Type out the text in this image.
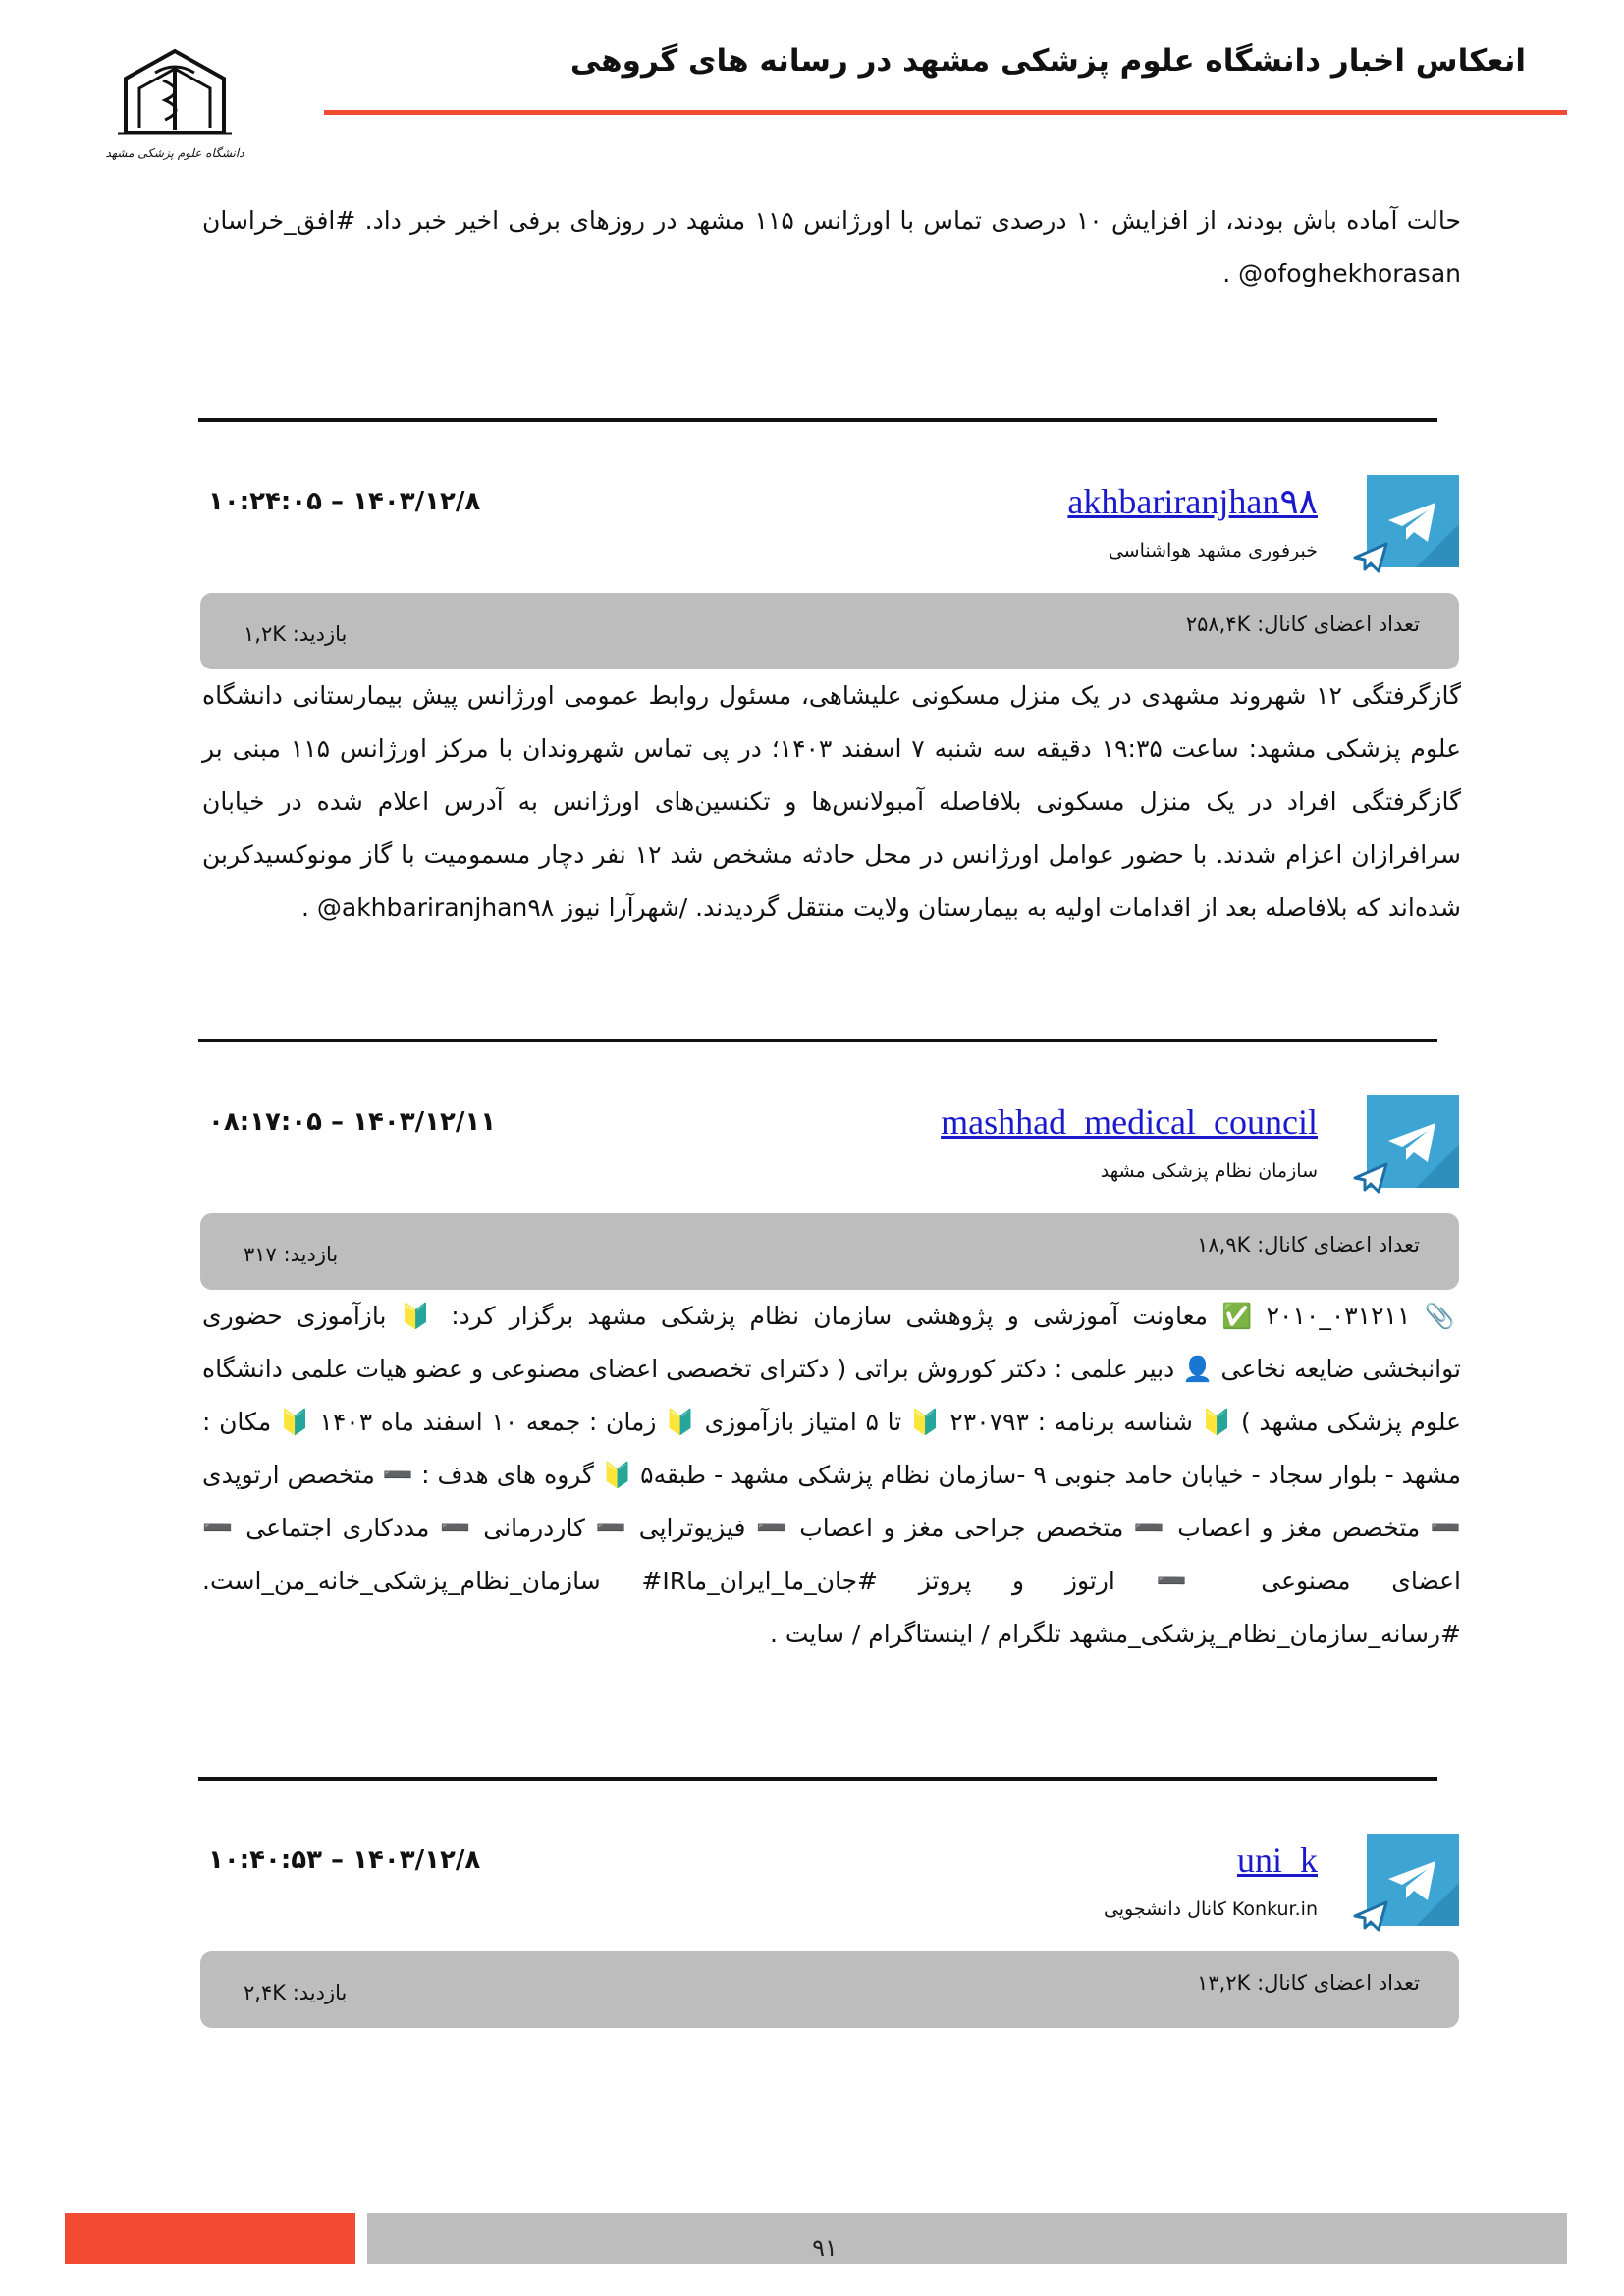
دانشگاه علوم پزشکی مشهد
انعکاس اخبار دانشگاه علوم پزشکی مشهد در رسانه های گروهی
حالت آماده باش بودند، از افزایش ۱۰ درصدی تماس با اورژانس ۱۱۵ مشهد در روزهای برفی اخیر خبر داد. #افق_خراسان ‎@ofoghekhorasan‎ .
akhbariranjhan۹۸
خبرفوری مشهد هواشناسی
۱۰:۲۴:۰۵ – ۱۴۰۳/۱۲/۸
تعداد اعضای کانال: ۲۵۸,۴K
بازدید: ۱,۲K
گازگرفتگی ۱۲ شهروند مشهدی در یک منزل مسکونی علیشاهی، مسئول روابط عمومی اورژانس پیش بیمارستانی دانشگاه علوم پزشکی مشهد: ساعت ۱۹:۳۵ دقیقه سه شنبه ۷ اسفند ۱۴۰۳؛ در پی تماس شهروندان با مرکز اورژانس ۱۱۵ مبنی بر گازگرفتگی افراد در یک منزل مسکونی بلافاصله آمبولانس‌ها و تکنسین‌های اورژانس به آدرس اعلام شده در خیابان سرافرازان اعزام شدند. با حضور عوامل اورژانس در محل حادثه مشخص شد ۱۲ نفر دچار مسمومیت با گاز مونوکسیدکربن شده‌اند که بلافاصله بعد از اقدامات اولیه به بیمارستان ولایت منتقل گردیدند. /شهرآرا نیوز ‎@akhbariranjhan۹۸‎ .
mashhad_medical_council
سازمان نظام پزشکی مشهد
۰۸:۱۷:۰۵ – ۱۴۰۳/۱۲/۱۱
تعداد اعضای کانال: ۱۸,۹K
بازدید: ۳۱۷
📎 ۰۳۱۲۱۱_۲۰۱۰ ✅ معاونت آموزشی و پژوهشی سازمان نظام پزشکی مشهد برگزار کرد: 🔰 بازآموزی حضوری توانبخشی ضایعه نخاعی 👤 دبیر علمی : دکتر کوروش براتی ( دکترای تخصصی اعضای مصنوعی و عضو هیات علمی دانشگاه علوم پزشکی مشهد ) 🔰 شناسه برنامه : ۲۳۰۷۹۳ 🔰 تا ۵ امتیاز بازآموزی 🔰 زمان : جمعه ۱۰ اسفند ماه ۱۴۰۳ 🔰 مکان : مشهد - بلوار سجاد - خیابان حامد جنوبی ۹ -سازمان نظام پزشکی مشهد - طبقه۵ 🔰 گروه های هدف : ➖ متخصص ارتوپدی ➖ متخصص مغز و اعصاب ➖ متخصص جراحی مغز و اعصاب ➖ فیزیوتراپی ➖ کاردرمانی ➖ مددکاری اجتماعی ➖ اعضای مصنوعی ➖ ارتوز و پروتز #جان_ما_ایران_ماIR# سازمان_نظام_پزشکی_خانه_من_است. #رسانه_سازمان_نظام_پزشکی_مشهد تلگرام / اینستاگرام / سایت .
uni_k
Konkur.in کانال دانشجویی
۱۰:۴۰:۵۳ – ۱۴۰۳/۱۲/۸
تعداد اعضای کانال: ۱۳,۲K
بازدید: ۲,۴K
۹۱
